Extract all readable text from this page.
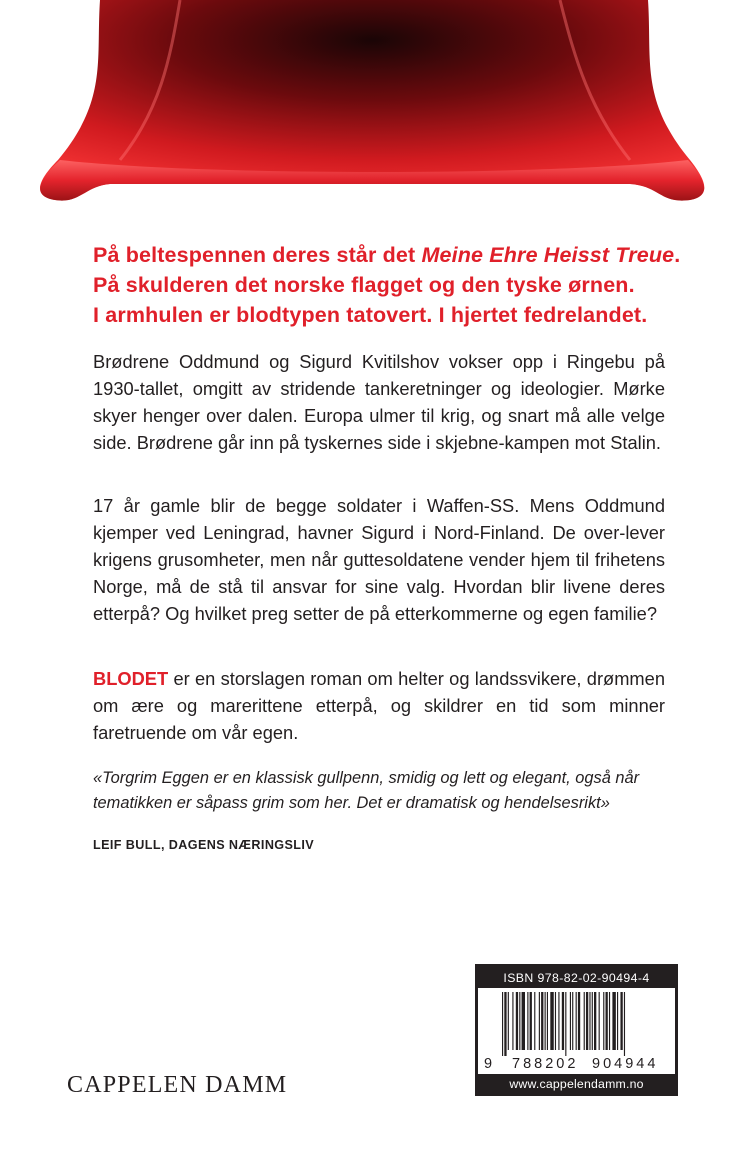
På beltespennen deres står det Meine Ehre Heisst Treue.

På skulderen det norske flagget og den tyske ørnen.

I armhulen er blodtypen tatovert. I hjertet fedrelandet.

Brødrene Oddmund og Sigurd Kvitilshov vokser opp i Ringebu på 1930-tallet, omgitt av stridende tankeretninger og ideologier. Mørke skyer henger over dalen. Europa ulmer til krig, og snart må alle velge side. Brødrene går inn på tyskernes side i skjebne-kampen mot Stalin.

17 år gamle blir de begge soldater i Waffen-SS. Mens Oddmund kjemper ved Leningrad, havner Sigurd i Nord-Finland. De over-lever krigens grusomheter, men når guttesoldatene vender hjem til frihetens Norge, må de stå til ansvar for sine valg. Hvordan blir livene deres etterpå? Og hvilket preg setter de på etterkommerne og egen familie?

BLODET er en storslagen roman om helter og landssvikere, drømmen om ære og marerittene etterpå, og skildrer en tid som minner faretruende om vår egen.

«Torgrim Eggen er en klassisk gullpenn, smidig og lett og elegant, også når tematikken er såpass grim som her. Det er dramatisk og hendelsesrikt»

LEIF BULL, DAGENS NÆRINGSLIV
CAPPELEN DAMM
ISBN 978-82-02-90494-4
9 788202 904944
www.cappelendamm.no
